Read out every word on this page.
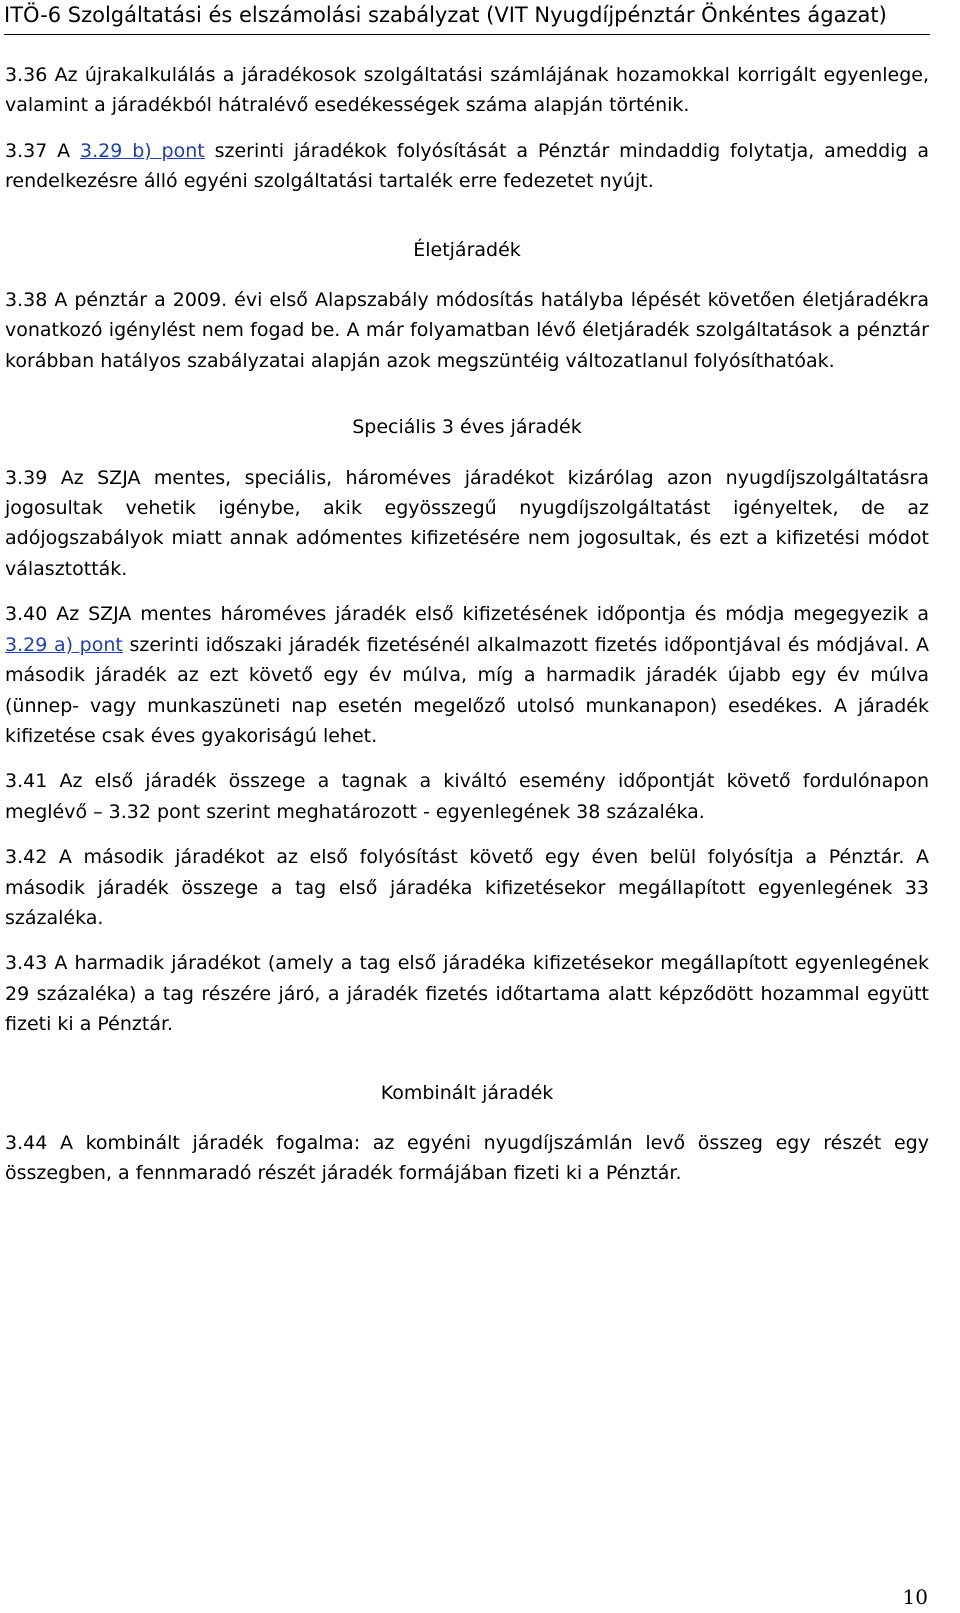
ITÖ-6 Szolgáltatási és elszámolási szabályzat (VIT Nyugdíjpénztár Önkéntes ágazat)

3.36 Az újrakalkulálás a járadékosok szolgáltatási számlájának hozamokkal korrigált egyenlege, valamint a járadékból hátralévő esedékességek száma alapján történik.

3.37 A 3.29 b) pont szerinti járadékok folyósítását a Pénztár mindaddig folytatja, ameddig a rendelkezésre álló egyéni szolgáltatási tartalék erre fedezetet nyújt.

Életjáradék

3.38 A pénztár a 2009. évi első Alapszabály módosítás hatályba lépését követően életjáradékra vonatkozó igénylést nem fogad be. A már folyamatban lévő életjáradék szolgáltatások a pénztár korábban hatályos szabályzatai alapján azok megszüntéig változatlanul folyósíthatóak.

Speciális 3 éves járadék

3.39 Az SZJA mentes, speciális, hároméves járadékot kizárólag azon nyugdíjszolgáltatásra jogosultak vehetik igénybe, akik egyösszegű nyugdíjszolgáltatást igényeltek, de az adójogszabályok miatt annak adómentes kifizetésére nem jogosultak, és ezt a kifizetési módot választották.

3.40 Az SZJA mentes hároméves járadék első kifizetésének időpontja és módja megegyezik a 3.29 a) pont szerinti időszaki járadék fizetésénél alkalmazott fizetés időpontjával és módjával. A második járadék az ezt követő egy év múlva, míg a harmadik járadék újabb egy év múlva (ünnep- vagy munkaszüneti nap esetén megelőző utolsó munkanapon) esedékes. A járadék kifizetése csak éves gyakoriságú lehet.

3.41 Az első járadék összege a tagnak a kiváltó esemény időpontját követő fordulónapon meglévő – 3.32 pont szerint meghatározott - egyenlegének 38 százaléka.

3.42 A második járadékot az első folyósítást követő egy éven belül folyósítja a Pénztár. A második járadék összege a tag első járadéka kifizetésekor megállapított egyenlegének 33 százaléka.

3.43 A harmadik járadékot (amely a tag első járadéka kifizetésekor megállapított egyenlegének 29 százaléka) a tag részére járó, a járadék fizetés időtartama alatt képződött hozammal együtt fizeti ki a Pénztár.

Kombinált járadék

3.44 A kombinált járadék fogalma: az egyéni nyugdíjszámlán levő összeg egy részét egy összegben, a fennmaradó részét járadék formájában fizeti ki a Pénztár.

10
